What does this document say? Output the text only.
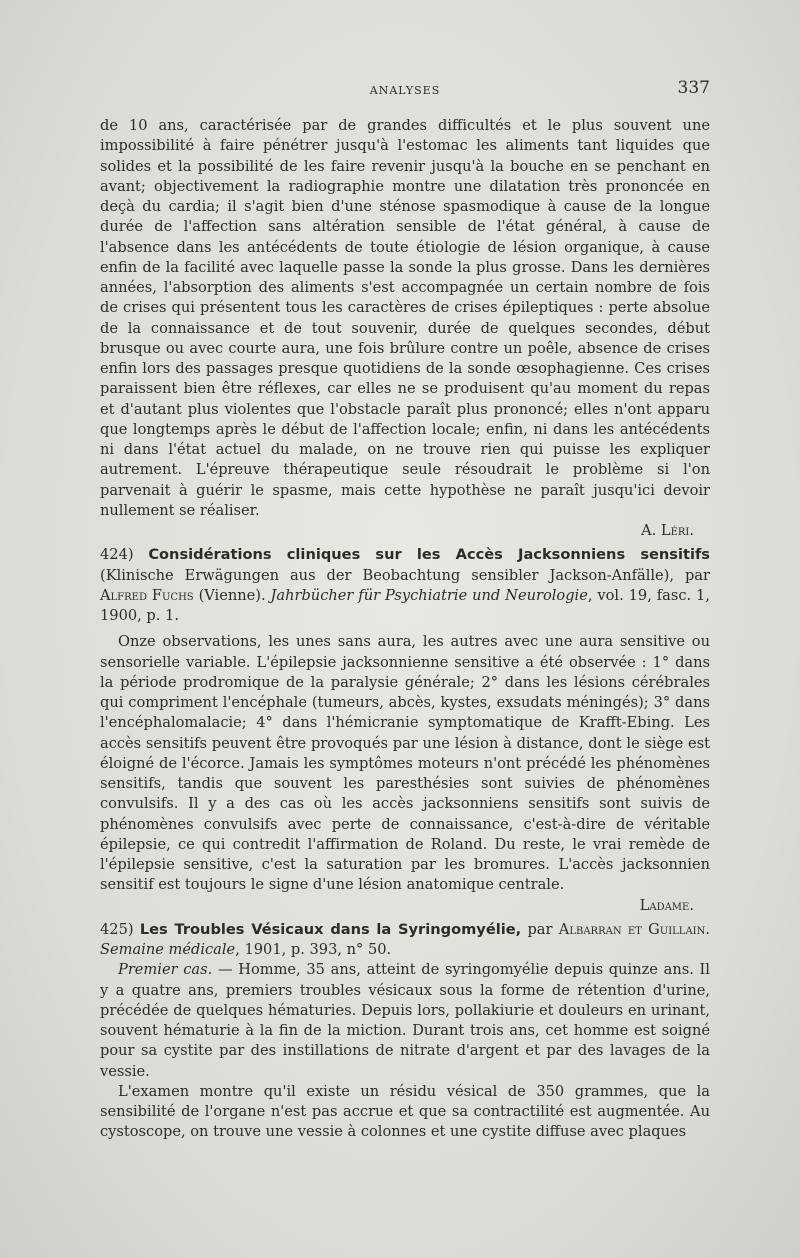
ANALYSES	337

de 10 ans, caractérisée par de grandes difficultés et le plus souvent une impossibilité à faire pénétrer jusqu'à l'estomac les aliments tant liquides que solides et la possibilité de les faire revenir jusqu'à la bouche en se penchant en avant; objectivement la radiographie montre une dilatation très prononcée en deçà du cardia; il s'agit bien d'une sténose spasmodique à cause de la longue durée de l'affection sans altération sensible de l'état général, à cause de l'absence dans les antécédents de toute étiologie de lésion organique, à cause enfin de la facilité avec laquelle passe la sonde la plus grosse. Dans les dernières années, l'absorption des aliments s'est accompagnée un certain nombre de fois de crises qui présentent tous les caractères de crises épileptiques : perte absolue de la connaissance et de tout souvenir, durée de quelques secondes, début brusque ou avec courte aura, une fois brûlure contre un poêle, absence de crises enfin lors des passages presque quotidiens de la sonde œsophagienne. Ces crises paraissent bien être réflexes, car elles ne se produisent qu'au moment du repas et d'autant plus violentes que l'obstacle paraît plus prononcé; elles n'ont apparu que longtemps après le début de l'affection locale; enfin, ni dans les antécédents ni dans l'état actuel du malade, on ne trouve rien qui puisse les expliquer autrement. L'épreuve thérapeutique seule résoudrait le problème si l'on parvenait à guérir le spasme, mais cette hypothèse ne paraît jusqu'ici devoir nullement se réaliser.

A. Léri.

424) Considérations cliniques sur les Accès Jacksonniens sensitifs (Klinische Erwägungen aus der Beobachtung sensibler Jackson-Anfälle), par Alfred Fuchs (Vienne). Jahrbücher für Psychiatrie und Neurologie, vol. 19, fasc. 1, 1900, p. 1.

Onze observations, les unes sans aura, les autres avec une aura sensitive ou sensorielle variable. L'épilepsie jacksonnienne sensitive a été observée : 1° dans la période prodromique de la paralysie générale; 2° dans les lésions cérébrales qui compriment l'encéphale (tumeurs, abcès, kystes, exsudats méningés); 3° dans l'encéphalomalacie; 4° dans l'hémicranie symptomatique de Krafft-Ebing. Les accès sensitifs peuvent être provoqués par une lésion à distance, dont le siège est éloigné de l'écorce. Jamais les symptômes moteurs n'ont précédé les phénomènes sensitifs, tandis que souvent les paresthésies sont suivies de phénomènes convulsifs. Il y a des cas où les accès jacksonniens sensitifs sont suivis de phénomènes convulsifs avec perte de connaissance, c'est-à-dire de véritable épilepsie, ce qui contredit l'affirmation de Roland. Du reste, le vrai remède de l'épilepsie sensitive, c'est la saturation par les bromures. L'accès jacksonnien sensitif est toujours le signe d'une lésion anatomique centrale.

Ladame.

425) Les Troubles Vésicaux dans la Syringomyélie, par Albarran et Guillain. Semaine médicale, 1901, p. 393, n° 50.

Premier cas. — Homme, 35 ans, atteint de syringomyélie depuis quinze ans. Il y a quatre ans, premiers troubles vésicaux sous la forme de rétention d'urine, précédée de quelques hématuries. Depuis lors, pollakiurie et douleurs en urinant, souvent hématurie à la fin de la miction. Durant trois ans, cet homme est soigné pour sa cystite par des instillations de nitrate d'argent et par des lavages de la vessie.

L'examen montre qu'il existe un résidu vésical de 350 grammes, que la sensibilité de l'organe n'est pas accrue et que sa contractilité est augmentée. Au cystoscope, on trouve une vessie à colonnes et une cystite diffuse avec plaques
